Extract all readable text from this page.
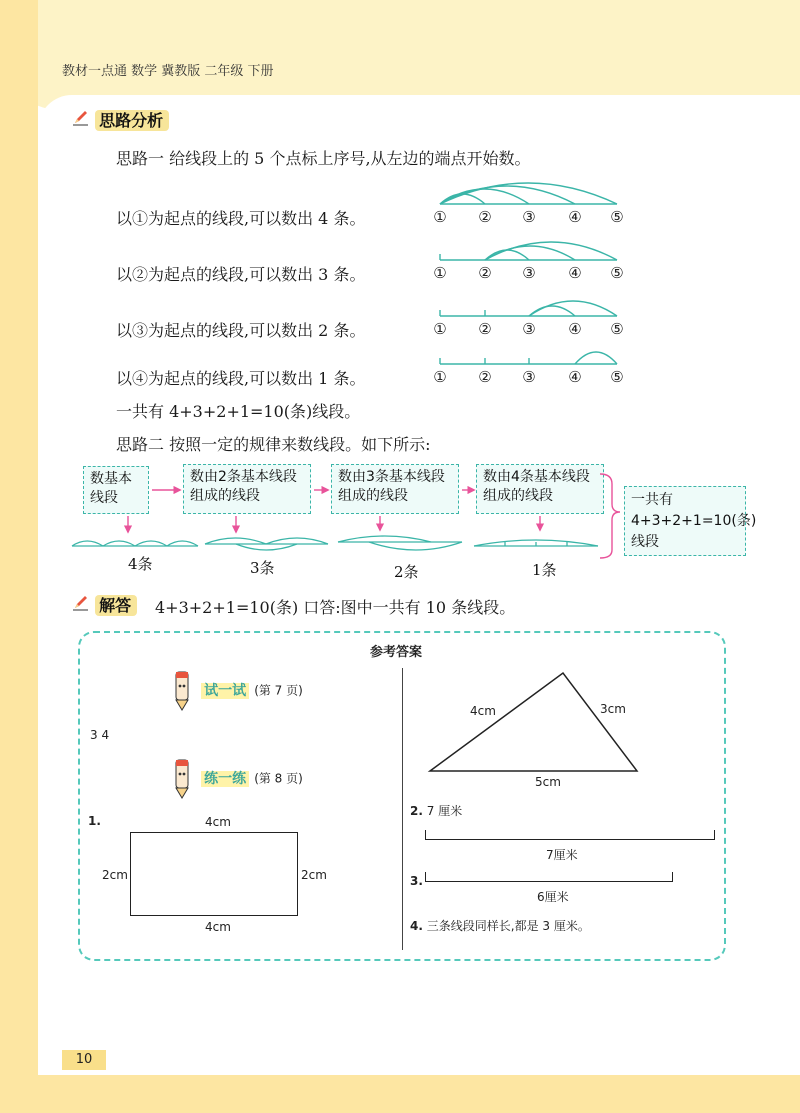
教材一点通 数学 冀教版 二年级 下册
思路分析
思路一 给线段上的 5 个点标上序号,从左边的端点开始数。
以①为起点的线段,可以数出 4 条。
以②为起点的线段,可以数出 3 条。
以③为起点的线段,可以数出 2 条。
以④为起点的线段,可以数出 1 条。
① ② ③ ④ ⑤
① ② ③ ④ ⑤
① ② ③ ④ ⑤
① ② ③ ④ ⑤
一共有 4+3+2+1=10(条)线段。
思路二 按照一定的规律来数线段。如下所示:
数基本线段
数由2条基本线段组成的线段
数由3条基本线段组成的线段
数由4条基本线段组成的线段	一共有4+3+2+1=10(条)线段
4条	3条	2条	1条
解答	4+3+2+1=10(条) 口答:图中一共有 10 条线段。
参考答案
试一试 (第 7 页)
3 4
练一练 (第 8 页)
1.	4cm
2cm	2cm
4cm
4cm	3cm
5cm
2. 7 厘米
7厘米
3.
6厘米
4. 三条线段同样长,都是 3 厘米。
10
